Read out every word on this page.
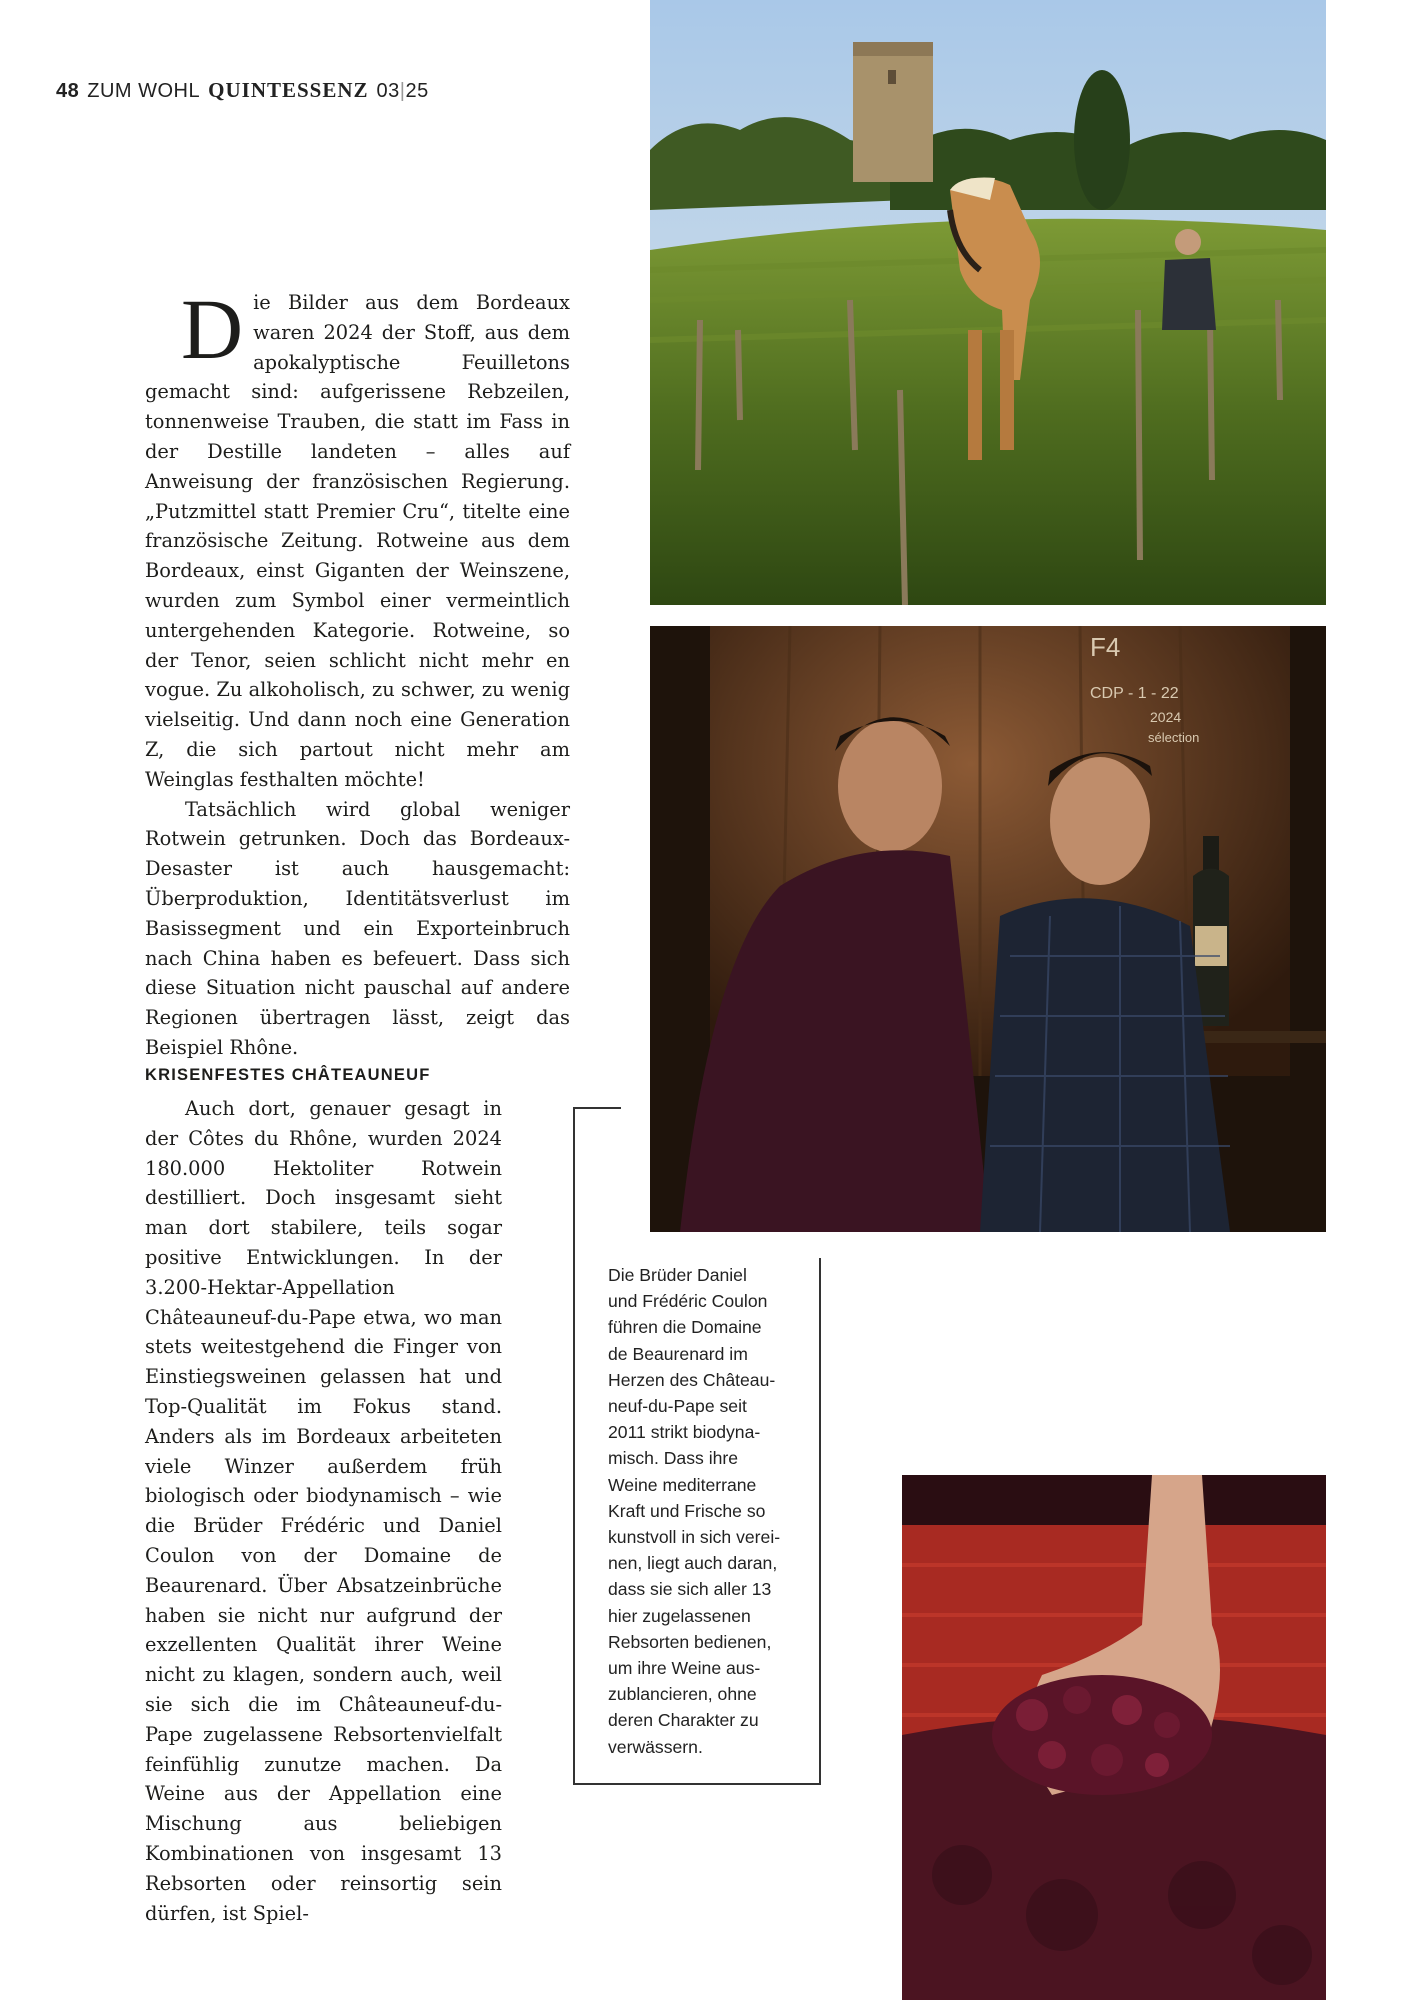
48 ZUM WOHL QUINTESSENZ 03|25

Die Bilder aus dem Bordeaux waren 2024 der Stoff, aus dem apokalyptische Feuilletons gemacht sind: aufgerissene Rebzeilen, tonnenweise Trauben, die statt im Fass in der Destille landeten – alles auf Anweisung der französischen Regierung. „Putzmittel statt Premier Cru“, titelte eine französische Zeitung. Rotweine aus dem Bordeaux, einst Giganten der Weinszene, wurden zum Symbol einer vermeintlich untergehenden Kategorie. Rotweine, so der Tenor, seien schlicht nicht mehr en vogue. Zu alkoholisch, zu schwer, zu wenig vielseitig. Und dann noch eine Generation Z, die sich partout nicht mehr am Weinglas festhalten möchte!

Tatsächlich wird global weniger Rotwein getrunken. Doch das Bordeaux-Desaster ist auch hausgemacht: Überproduktion, Identitätsverlust im Basissegment und ein Exporteinbruch nach China haben es befeuert. Dass sich diese Situation nicht pauschal auf andere Regionen übertragen lässt, zeigt das Beispiel Rhône.

KRISENFESTES CHÂTEAUNEUF

Auch dort, genauer gesagt in der Côtes du Rhône, wurden 2024 180.000 Hektoliter Rotwein destilliert. Doch insgesamt sieht man dort stabilere, teils sogar positive Entwicklungen. In der 3.200-Hektar-Appellation Châteauneuf-du-Pape etwa, wo man stets weitestgehend die Finger von Einstiegsweinen gelassen hat und Top-Qualität im Fokus stand. Anders als im Bordeaux arbeiteten viele Winzer außerdem früh biologisch oder biodynamisch – wie die Brüder Frédéric und Daniel Coulon von der Domaine de Beaurenard. Über Absatzeinbrüche haben sie nicht nur aufgrund der exzellenten Qualität ihrer Weine nicht zu klagen, sondern auch, weil sie sich die im Châteauneuf-du-Pape zugelassene Rebsortenvielfalt feinfühlig zunutze machen. Da Weine aus der Appellation eine Mischung aus beliebigen Kombinationen von insgesamt 13 Rebsorten oder reinsortig sein dürfen, ist Spiel-

Die Brüder Daniel
und Frédéric Coulon
führen die Domaine
de Beaurenard im
Herzen des Château-
neuf-du-Pape seit
2011 strikt biodyna-
misch. Dass ihre
Weine mediterrane
Kraft und Frische so
kunstvoll in sich verei-
nen, liegt auch daran,
dass sie sich aller 13
hier zugelassenen
Rebsorten bedienen,
um ihre Weine aus-
zublancieren, ohne
deren Charakter zu
verwässern.
F4
CDP - 1 - 22
2024
sélection
